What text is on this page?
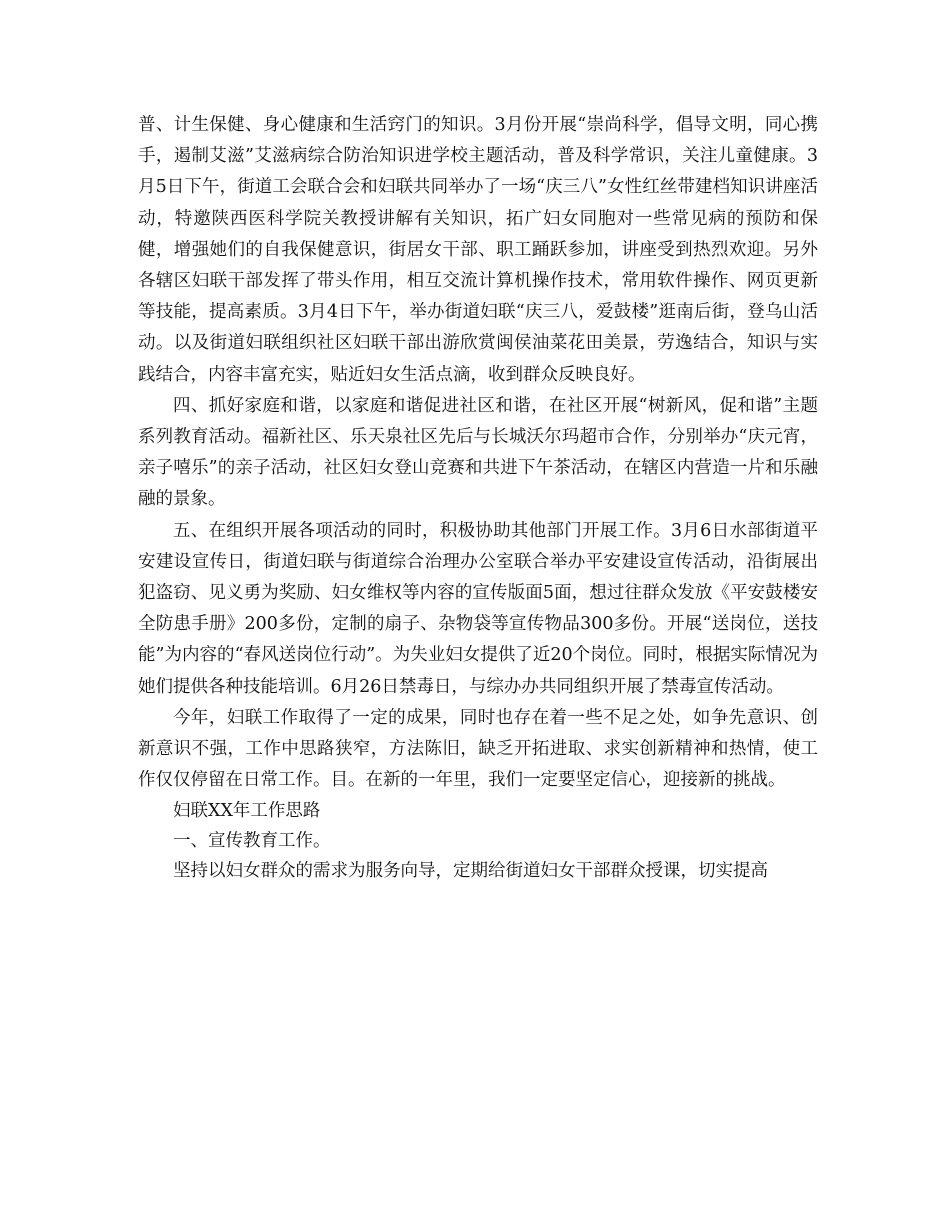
普、计生保健、身心健康和生活窍门的知识。3月份开展“崇尚科学，倡导文明，同心携手，遏制艾滋”艾滋病综合防治知识进学校主题活动，普及科学常识，关注儿童健康。3月5日下午，街道工会联合会和妇联共同举办了一场“庆三八”女性红丝带建档知识讲座活动，特邀陕西医科学院关教授讲解有关知识，拓广妇女同胞对一些常见病的预防和保健，增强她们的自我保健意识，街居女干部、职工踊跃参加，讲座受到热烈欢迎。另外各辖区妇联干部发挥了带头作用，相互交流计算机操作技术，常用软件操作、网页更新等技能，提高素质。3月4日下午，举办街道妇联“庆三八，爱鼓楼”逛南后街，登乌山活动。以及街道妇联组织社区妇联干部出游欣赏闽侯油菜花田美景，劳逸结合，知识与实践结合，内容丰富充实，贴近妇女生活点滴，收到群众反映良好。

四、抓好家庭和谐，以家庭和谐促进社区和谐，在社区开展“树新风，促和谐”主题系列教育活动。福新社区、乐天泉社区先后与长城沃尔玛超市合作，分别举办“庆元宵，亲子嘻乐”的亲子活动，社区妇女登山竞赛和共进下午茶活动，在辖区内营造一片和乐融融的景象。

五、在组织开展各项活动的同时，积极协助其他部门开展工作。3月6日水部街道平安建设宣传日，街道妇联与街道综合治理办公室联合举办平安建设宣传活动，沿街展出犯盗窃、见义勇为奖励、妇女维权等内容的宣传版面5面，想过往群众发放《平安鼓楼安全防患手册》200多份，定制的扇子、杂物袋等宣传物品300多份。开展“送岗位，送技能”为内容的“春风送岗位行动”。为失业妇女提供了近20个岗位。同时，根据实际情况为她们提供各种技能培训。6月26日禁毒日，与综办办共同组织开展了禁毒宣传活动。

今年，妇联工作取得了一定的成果，同时也存在着一些不足之处，如争先意识、创新意识不强，工作中思路狭窄，方法陈旧，缺乏开拓进取、求实创新精神和热情，使工作仅仅停留在日常工作。目。在新的一年里，我们一定要坚定信心，迎接新的挑战。

妇联XX年工作思路

一、宣传教育工作。

坚持以妇女群众的需求为服务向导，定期给街道妇女干部群众授课，切实提高
